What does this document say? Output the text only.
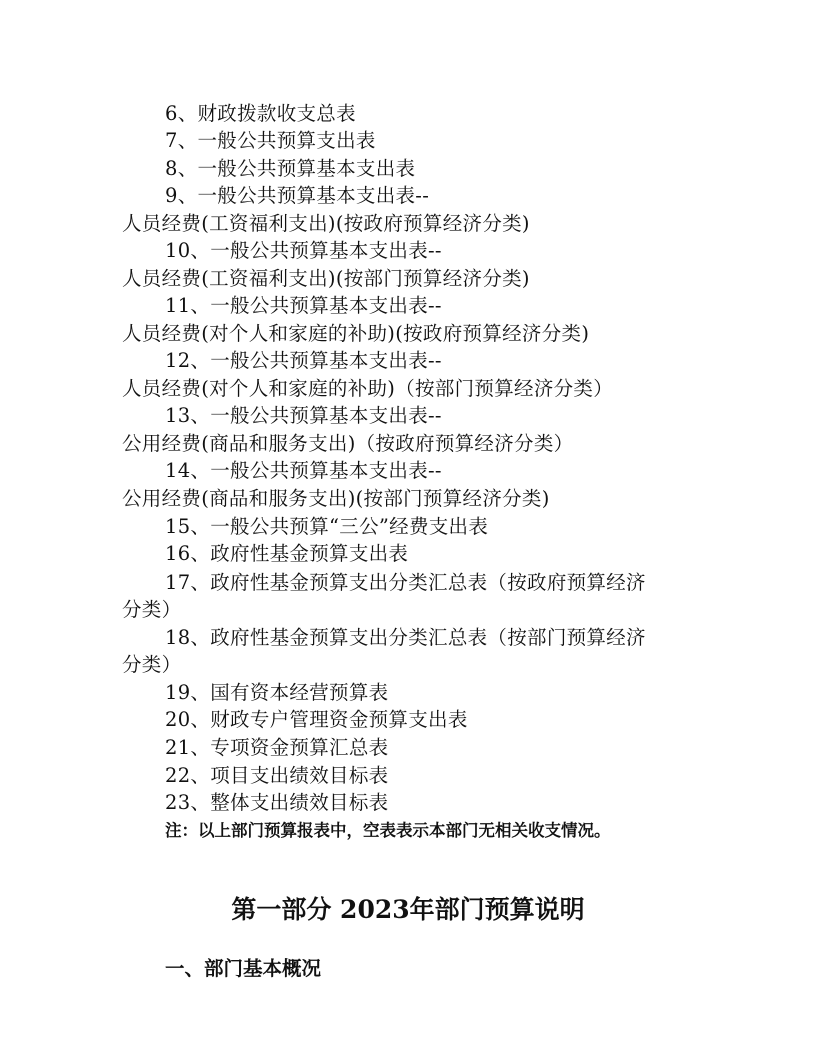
6、财政拨款收支总表
7、一般公共预算支出表
8、一般公共预算基本支出表
9、一般公共预算基本支出表--
人员经费(工资福利支出)(按政府预算经济分类)
10、一般公共预算基本支出表--
人员经费(工资福利支出)(按部门预算经济分类)
11、一般公共预算基本支出表--
人员经费(对个人和家庭的补助)(按政府预算经济分类)
12、一般公共预算基本支出表--
人员经费(对个人和家庭的补助)（按部门预算经济分类）
13、一般公共预算基本支出表--
公用经费(商品和服务支出)（按政府预算经济分类）
14、一般公共预算基本支出表--
公用经费(商品和服务支出)(按部门预算经济分类)
15、一般公共预算“三公”经费支出表
16、政府性基金预算支出表
17、政府性基金预算支出分类汇总表（按政府预算经济
分类）
18、政府性基金预算支出分类汇总表（按部门预算经济
分类）
19、国有资本经营预算表
20、财政专户管理资金预算支出表
21、专项资金预算汇总表
22、项目支出绩效目标表
23、整体支出绩效目标表
注：以上部门预算报表中，空表表示本部门无相关收支情况。
第一部分 2023年部门预算说明
一、部门基本概况
